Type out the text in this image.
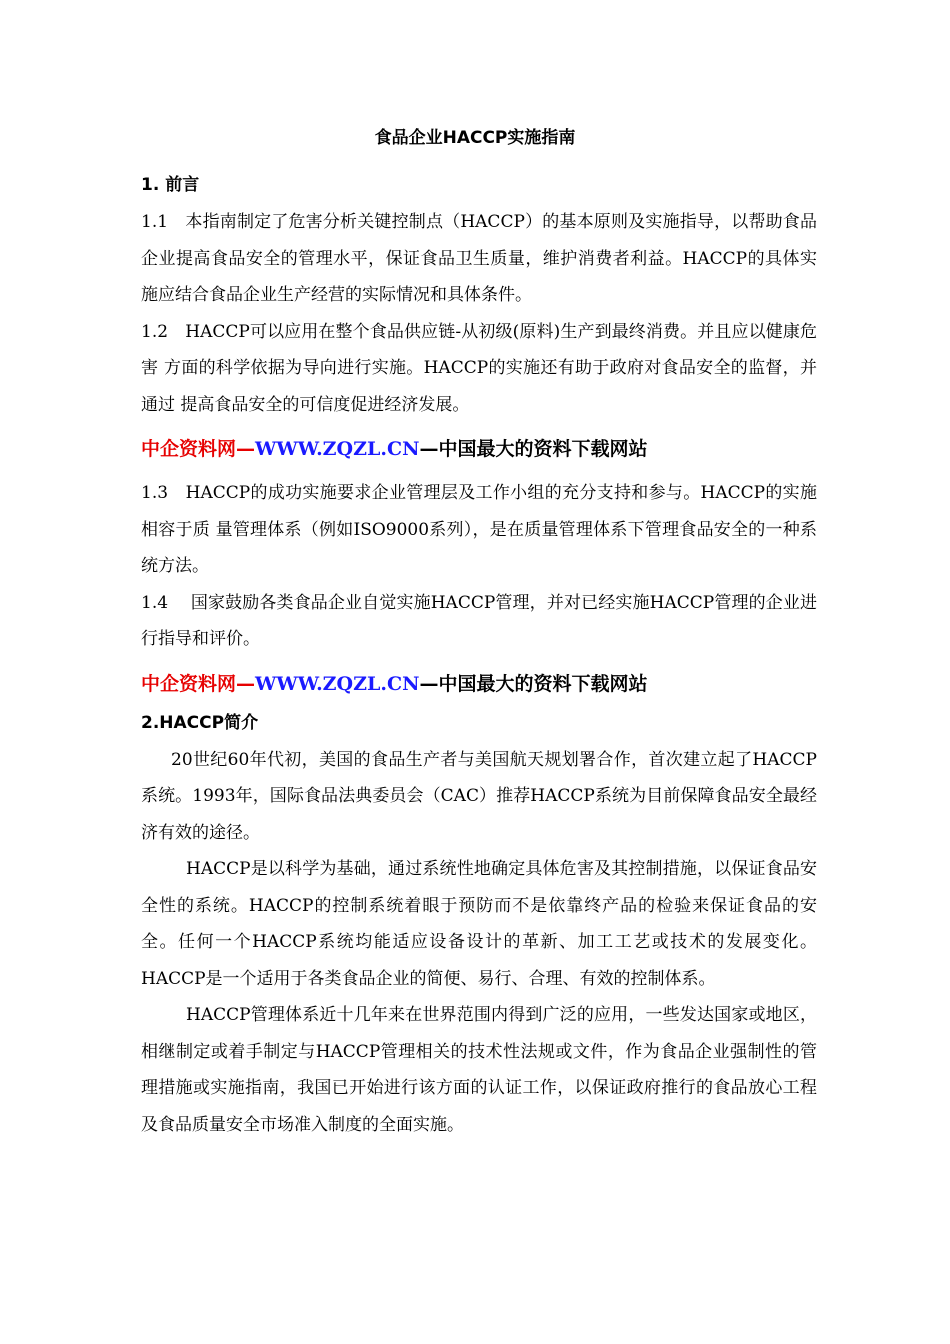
食品企业HACCP实施指南
1. 前言

1.1　本指南制定了危害分析关键控制点（HACCP）的基本原则及实施指导，以帮助食品企业提高食品安全的管理水平，保证食品卫生质量，维护消费者利益。HACCP的具体实施应结合食品企业生产经营的实际情况和具体条件。

1.2　HACCP可以应用在整个食品供应链-从初级(原料)生产到最终消费。并且应以健康危害 方面的科学依据为导向进行实施。HACCP的实施还有助于政府对食品安全的监督，并通过 提高食品安全的可信度促进经济发展。

中企资料网—WWW.ZQZL.CN—中国最大的资料下载网站

1.3　HACCP的成功实施要求企业管理层及工作小组的充分支持和参与。HACCP的实施相容于质 量管理体系（例如ISO9000系列），是在质量管理体系下管理食品安全的一种系统方法。

1.4　 国家鼓励各类食品企业自觉实施HACCP管理，并对已经实施HACCP管理的企业进行指导和评价。

中企资料网—WWW.ZQZL.CN—中国最大的资料下载网站
2.HACCP简介

20世纪60年代初，美国的食品生产者与美国航天规划署合作，首次建立起了HACCP系统。1993年，国际食品法典委员会（CAC）推荐HACCP系统为目前保障食品安全最经济有效的途径。

HACCP是以科学为基础，通过系统性地确定具体危害及其控制措施，以保证食品安全性的系统。HACCP的控制系统着眼于预防而不是依靠终产品的检验来保证食品的安全。任何一个HACCP系统均能适应设备设计的革新、加工工艺或技术的发展变化。HACCP是一个适用于各类食品企业的简便、易行、合理、有效的控制体系。

HACCP管理体系近十几年来在世界范围内得到广泛的应用，一些发达国家或地区，相继制定或着手制定与HACCP管理相关的技术性法规或文件，作为食品企业强制性的管理措施或实施指南，我国已开始进行该方面的认证工作，以保证政府推行的食品放心工程及食品质量安全市场准入制度的全面实施。
